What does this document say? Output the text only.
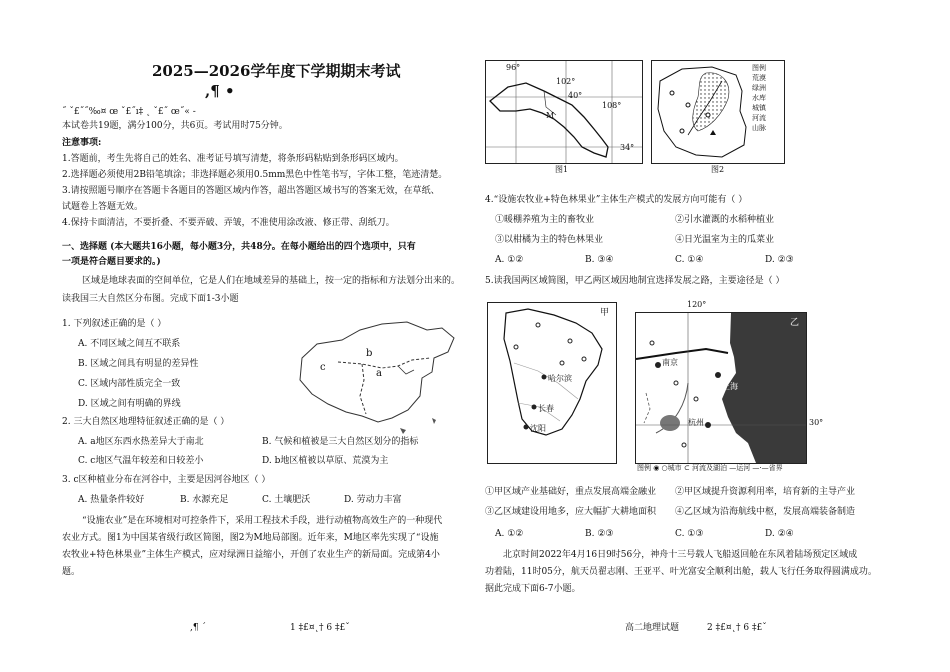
2025—2026学年度下学期期末考试

,¶ •

˝ ˇ£˝˝‰¤ œ ˇ£˝ı‡ ˛ ˇ£˝ œ˝« -

本试卷共19题，满分100分，共6页。考试用时75分钟。

注意事项:

1.答题前，考生先将自己的姓名、准考证号填写清楚，将条形码粘贴到条形码区域内。

2.选择题必须使用2B铅笔填涂；非选择题必须用0.5mm黑色中性笔书写，字体工整，笔迹清楚。

3.请按照题号顺序在答题卡各题目的答题区域内作答，超出答题区域书写的答案无效，在草纸、

试题卷上答题无效。

4.保持卡面清洁，不要折叠、不要弄破、弄皱，不准使用涂改液、修正带、刮纸刀。

一、选择题 (本大题共16小题，每小题3分，共48分。在每小题给出的四个选项中，只有

一项是符合题目要求的。)

区域是地球表面的空间单位，它是人们在地域差异的基础上，按一定的指标和方法划分出来的。

读我国三大自然区分布图。完成下面1-3小题

c
b
a

1. 下列叙述正确的是（ ）

A. 不同区域之间互不联系

B. 区域之间具有明显的差异性

C. 区域内部性质完全一致

D. 区域之间有明确的界线

2. 三大自然区地理特征叙述正确的是（ ）

A. a地区东西水热差异大于南北	B. 气候和植被是三大自然区划分的指标

C. c地区气温年较差和日较差小	D. b地区植被以草原、荒漠为主

3. c区种植业分布在河谷中，主要是因河谷地区（ ）

A. 热量条件较好	B. 水源充足	C. 土壤肥沃	D. 劳动力丰富

“设施农业”是在环境相对可控条件下，采用工程技术手段，进行动植物高效生产的一种现代

农业方式。图1为中国某省级行政区简图，图2为M地局部图。近年来，M地区率先实现了“设施

农牧业+特色林果业”主体生产模式，应对绿洲日益缩小，开创了农业生产的新局面。完成第4小

题。

,¶ ´	1 ‡£¤˛† 6 ‡£ˇ

96°
102°
40°
108°
34°
M
图1
图例
荒漠
绿洲
水库
城镇
河流
山脉
图2

4.“设施农牧业+特色林果业”主体生产模式的发展方向可能有（ ）

①暖棚养殖为主的畜牧业	②引水灌溉的水稻种植业

③以柑橘为主的特色林果业	④日光温室为主的瓜菜业

A. ①②	B. ③④	C. ①④	D. ②③

5.读我国两区域简图，甲乙两区域因地制宜选择发展之路，主要途径是（ ）

甲
哈尔滨
长春
沈阳
乙
南京
上海
杭州
120°
30°
图例 ◉ ○城市 ⊂ 河流及湖泊 —运河 —·—省界

①甲区域产业基础好，重点发展高端金融业 ②甲区域提升资源利用率，培育新的主导产业

③乙区域建设用地多，应大幅扩大耕地面积 ④乙区域为沿海航线中枢，发展高端装备制造

A. ①②	B. ②③	C. ①③	D. ②④

北京时间2022年4月16日9时56分，神舟十三号载人飞船返回舱在东风着陆场预定区域成

功着陆，11时05分，航天员翟志刚、王亚平、叶光富安全顺利出舱，载人飞行任务取得圆满成功。

据此完成下面6-7小题。

高二地理试题	2 ‡£¤˛† 6 ‡£ˇ
